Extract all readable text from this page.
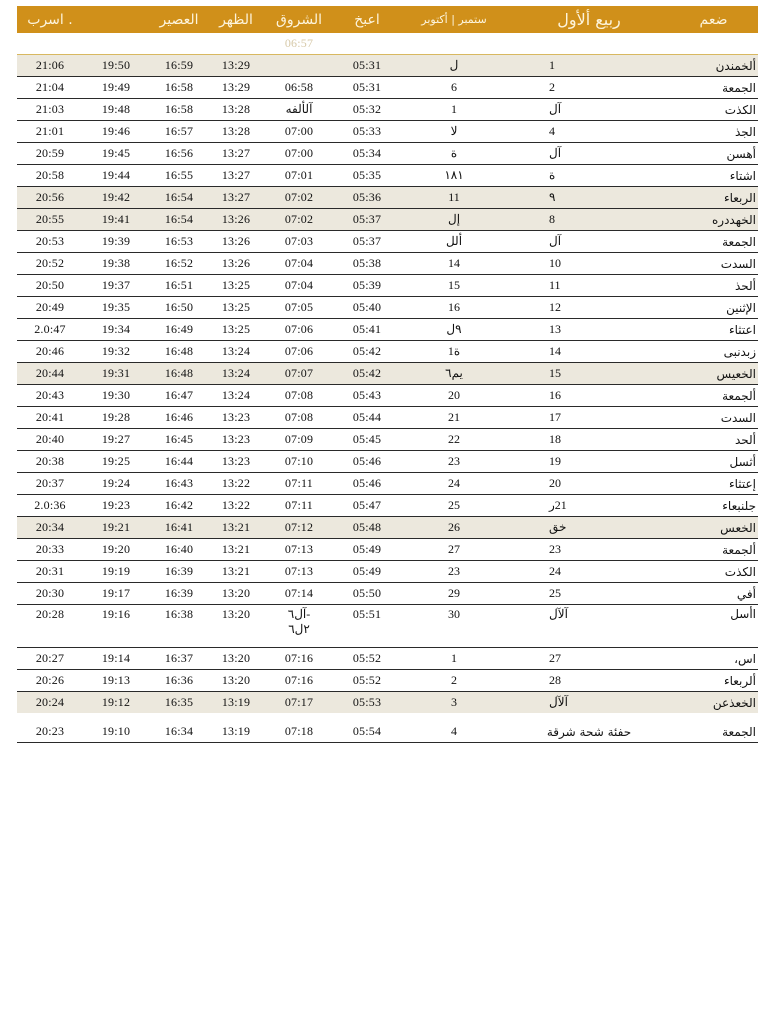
اسرب .		العصير	الظهر	الشروق	اعبخ	ستمبر | أكتوبر	ربيع ألأول	ضعم
				06:57				
21:06	19:50	16:59	13:29		05:31	ل	1	ألخمندن
21:04	19:49	16:58	13:29	06:58	05:31	6	2	الجمعة
21:03	19:48	16:58	13:28	آلألفه	05:32	1	آل	الكذت
21:01	19:46	16:57	13:28	07:00	05:33	لا	4	الجذ
20:59	19:45	16:56	13:27	07:00	05:34	ة	آل	أهسن
20:58	19:44	16:55	13:27	07:01	05:35	١٨١	ة	اشتاء
20:56	19:42	16:54	13:27	07:02	05:36	11	٩	الربعاء
20:55	19:41	16:54	13:26	07:02	05:37	إل	8	الخهددره
20:53	19:39	16:53	13:26	07:03	05:37	ألل	آل	الجمعة
20:52	19:38	16:52	13:26	07:04	05:38	14	10	السدت
20:50	19:37	16:51	13:25	07:04	05:39	15	11	ألحذ
20:49	19:35	16:50	13:25	07:05	05:40	16	12	الإثنين
2.0:47	19:34	16:49	13:25	07:06	05:41	٩ل	13	اعتثاء
20:46	19:32	16:48	13:24	07:06	05:42	1ة	14	زبدنبى
20:44	19:31	16:48	13:24	07:07	05:42	يم٦	15	الخعيس
20:43	19:30	16:47	13:24	07:08	05:43	20	16	ألجمعة
20:41	19:28	16:46	13:23	07:08	05:44	21	17	السدت
20:40	19:27	16:45	13:23	07:09	05:45	22	18	ألحد
20:38	19:25	16:44	13:23	07:10	05:46	23	19	أثسل
20:37	19:24	16:43	13:22	07:11	05:46	24	20	إعتثاء
2.0:36	19:23	16:42	13:22	07:11	05:47	25	21ر	جلنبعاء
20:34	19:21	16:41	13:21	07:12	05:48	26	خق	الخعس
20:33	19:20	16:40	13:21	07:13	05:49	27	23	ألجمعة
20:31	19:19	16:39	13:21	07:13	05:49	23	24	الكذت
20:30	19:17	16:39	13:20	07:14	05:50	29	25	أفي
20:28	19:16	16:38	13:20	آل٦-
٢ل٦	05:51	30	آلآل	اأسل
20:27	19:14	16:37	13:20	07:16	05:52	1	27	اس،
20:26	19:13	16:36	13:20	07:16	05:52	2	28	ألربعاء
20:24	19:12	16:35	13:19	07:17	05:53	3	آلآل	الخعذعن
20:23	19:10	16:34	13:19	07:18	05:54	4	حفئة شحة شرقة	الجمعة
